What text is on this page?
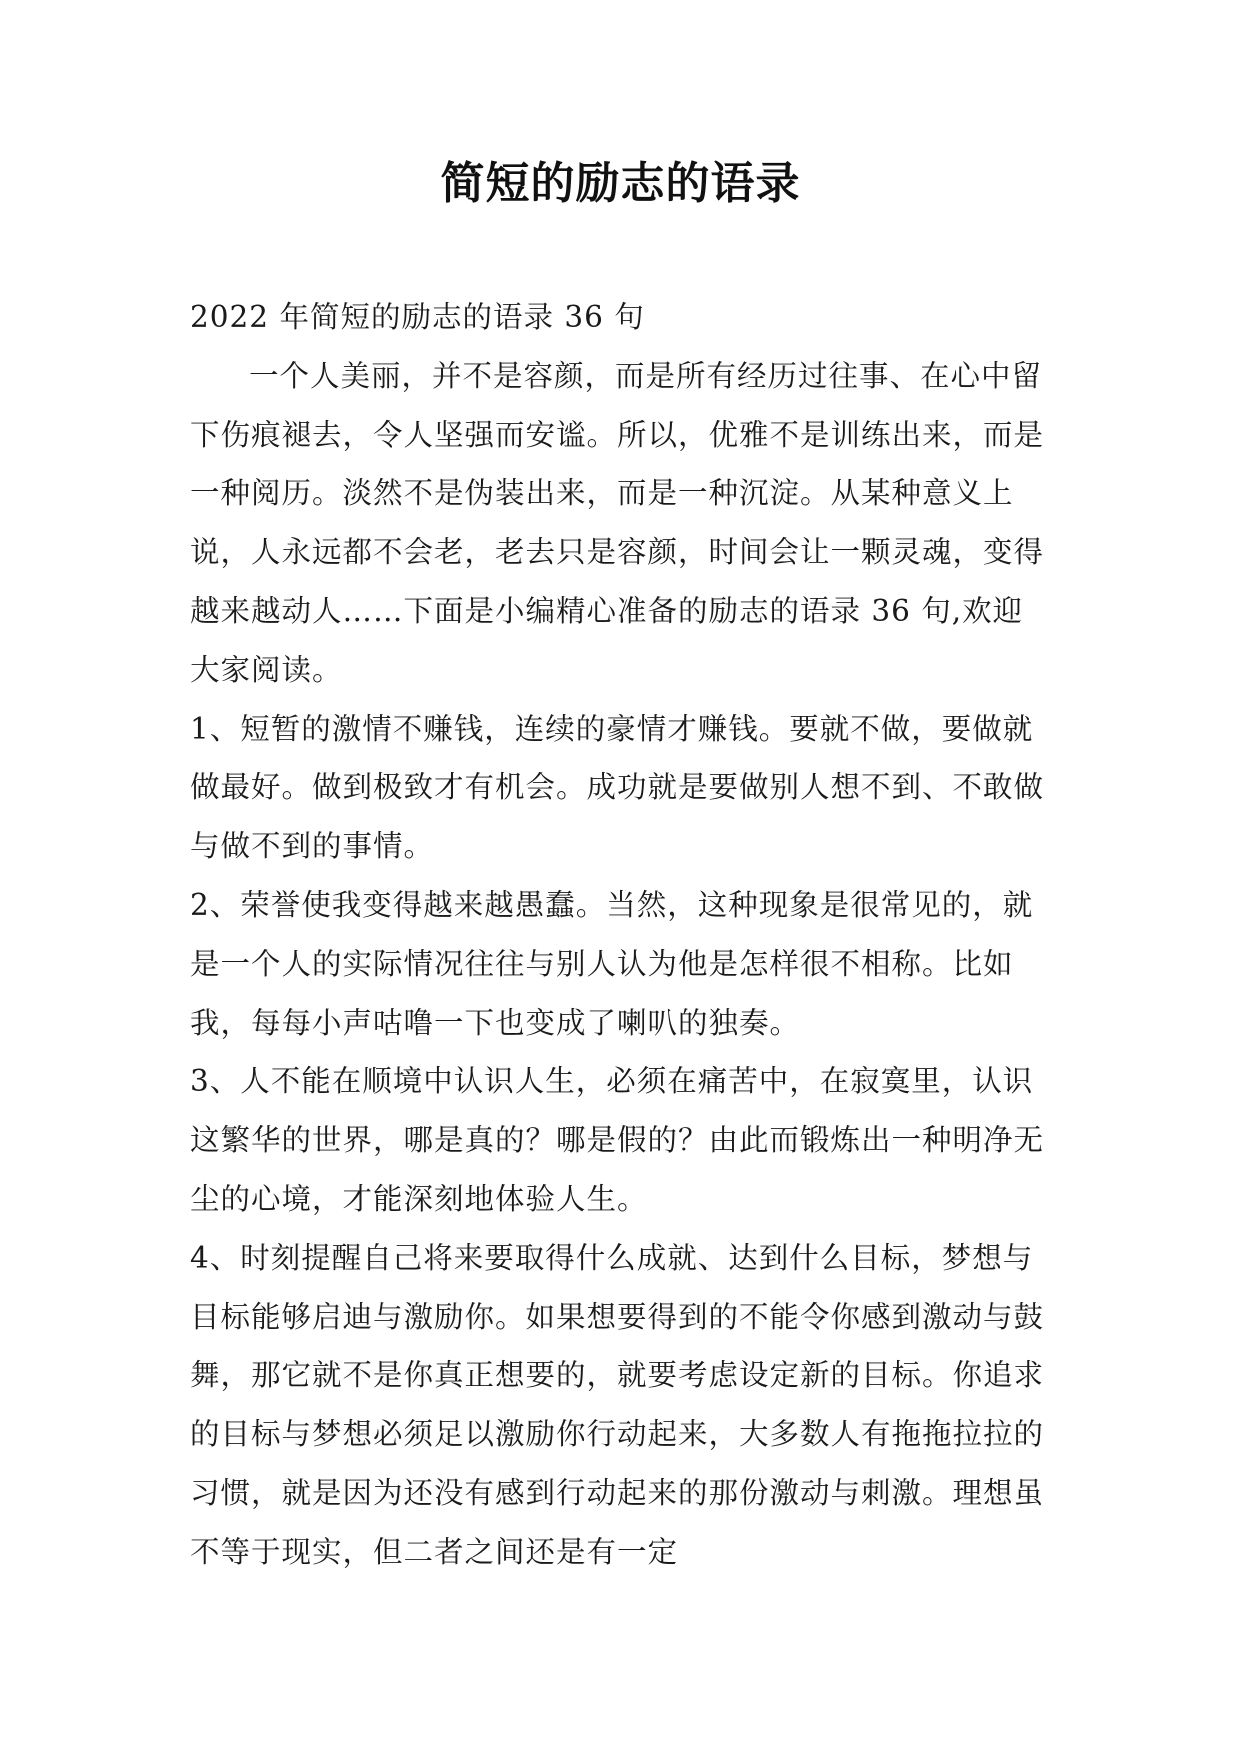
简短的励志的语录

2022 年简短的励志的语录 36 句

一个人美丽，并不是容颜，而是所有经历过往事、在心中留下伤痕褪去，令人坚强而安谧。所以，优雅不是训练出来，而是一种阅历。淡然不是伪装出来，而是一种沉淀。从某种意义上说，人永远都不会老，老去只是容颜，时间会让一颗灵魂，变得越来越动人……下面是小编精心准备的励志的语录 36 句,欢迎大家阅读。

1、短暂的激情不赚钱，连续的豪情才赚钱。要就不做，要做就做最好。做到极致才有机会。成功就是要做别人想不到、不敢做与做不到的事情。

2、荣誉使我变得越来越愚蠢。当然，这种现象是很常见的，就是一个人的实际情况往往与别人认为他是怎样很不相称。比如我，每每小声咕噜一下也变成了喇叭的独奏。

3、人不能在顺境中认识人生，必须在痛苦中，在寂寞里，认识这繁华的世界，哪是真的？哪是假的？由此而锻炼出一种明净无尘的心境，才能深刻地体验人生。

4、时刻提醒自己将来要取得什么成就、达到什么目标，梦想与目标能够启迪与激励你。如果想要得到的不能令你感到激动与鼓舞，那它就不是你真正想要的，就要考虑设定新的目标。你追求的目标与梦想必须足以激励你行动起来，大多数人有拖拖拉拉的习惯，就是因为还没有感到行动起来的那份激动与刺激。理想虽不等于现实，但二者之间还是有一定
